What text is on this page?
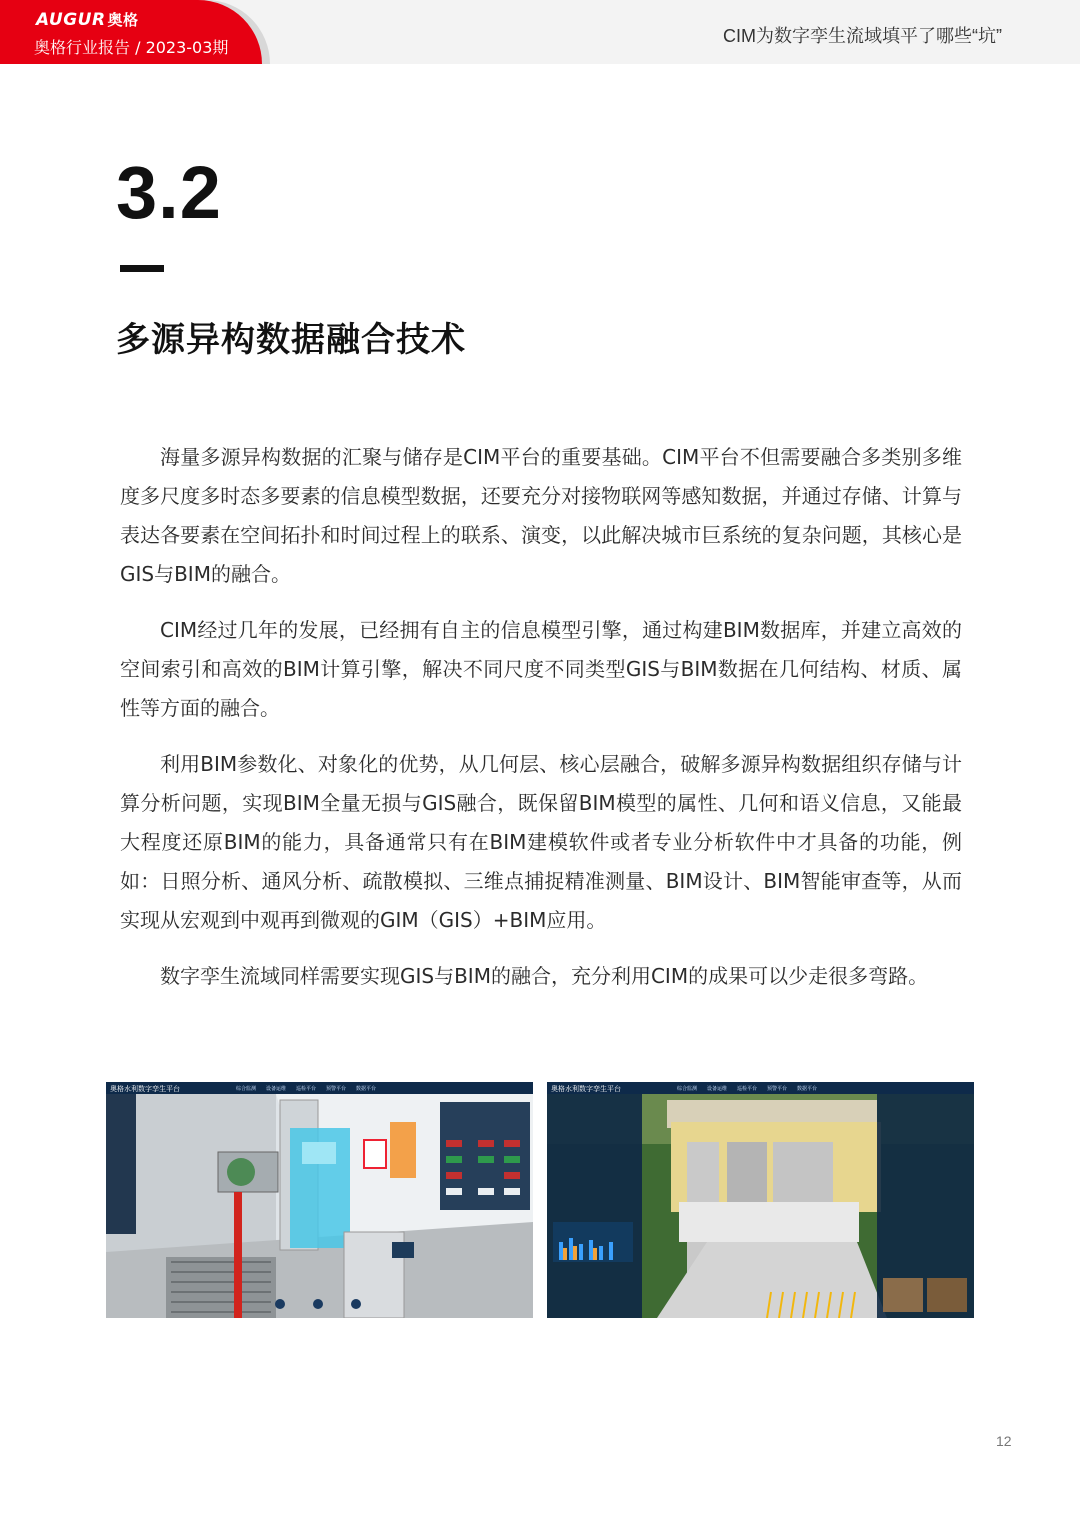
AUGUR 奥格
奥格行业报告 / 2023-03期
CIM为数字孪生流域填平了哪些“坑”
3.2
多源异构数据融合技术

海量多源异构数据的汇聚与储存是CIM平台的重要基础。CIM平台不但需要融合多类别多维度多尺度多时态多要素的信息模型数据，还要充分对接物联网等感知数据，并通过存储、计算与表达各要素在空间拓扑和时间过程上的联系、演变，以此解决城市巨系统的复杂问题，其核心是GIS与BIM的融合。

CIM经过几年的发展，已经拥有自主的信息模型引擎，通过构建BIM数据库，并建立高效的空间索引和高效的BIM计算引擎，解决不同尺度不同类型GIS与BIM数据在几何结构、材质、属性等方面的融合。

利用BIM参数化、对象化的优势，从几何层、核心层融合，破解多源异构数据组织存储与计算分析问题，实现BIM全量无损与GIS融合，既保留BIM模型的属性、几何和语义信息，又能最大程度还原BIM的能力，具备通常只有在BIM建模软件或者专业分析软件中才具备的功能，例如：日照分析、通风分析、疏散模拟、三维点捕捉精准测量、BIM设计、BIM智能审查等，从而实现从宏观到中观再到微观的GIM（GIS）+BIM应用。

数字孪生流域同样需要实现GIS与BIM的融合，充分利用CIM的成果可以少走很多弯路。

奥格水利数字孪生平台	综合监测 设备运维 巡检平台 预警平台 数据平台	奥格水利数字孪生平台	综合监测 设备运维 巡检平台 预警平台 数据平台
12
